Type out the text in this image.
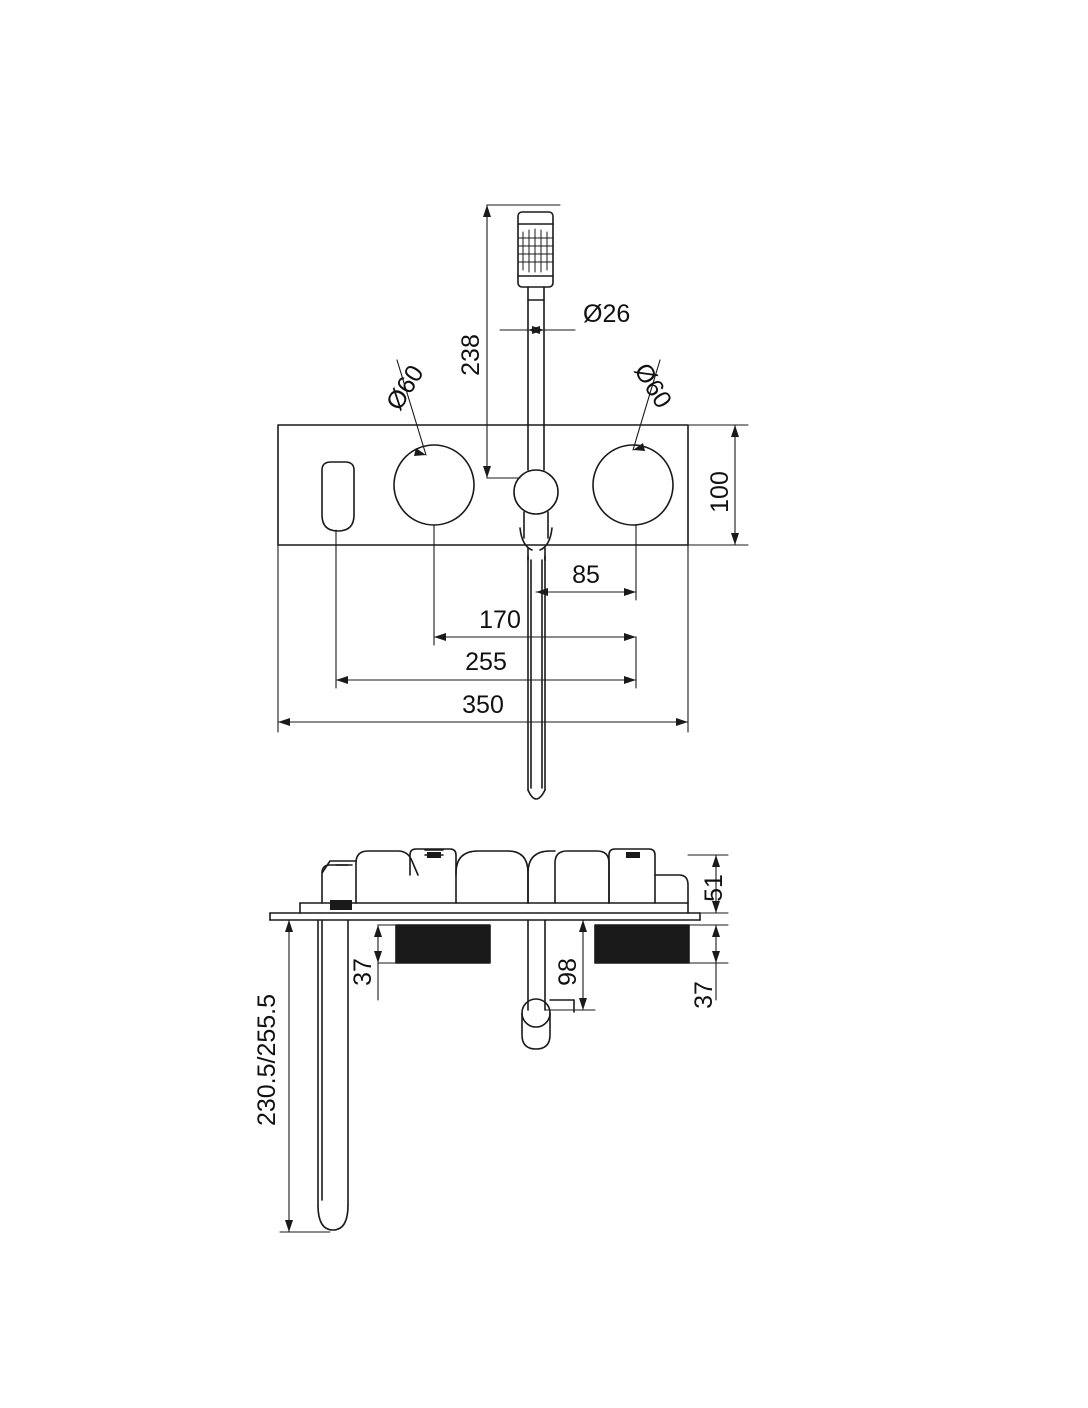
238
Ø26
Ø60	Ø60
100
85
170
255
350
51
37	98
37
230.5/255.5
